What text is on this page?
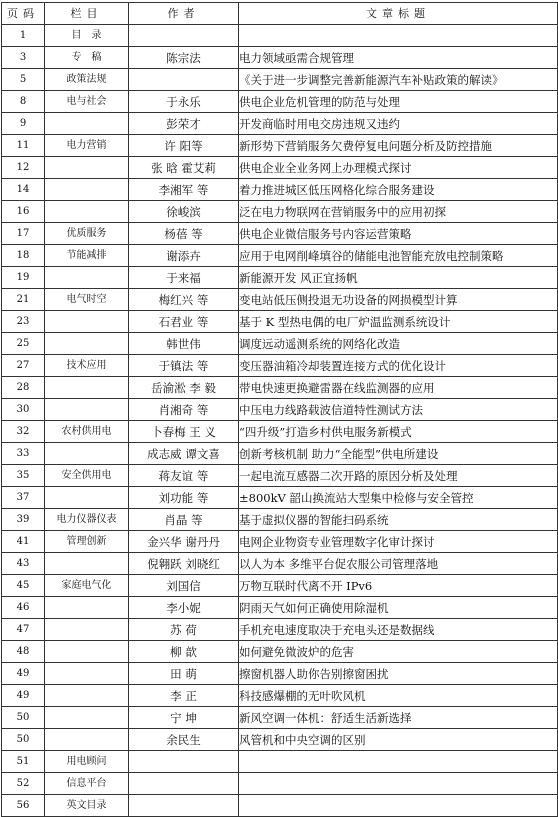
页码	栏目	作者	文章标题
1	目　录		
3	专　稿	陈宗法	电力领域亟需合规管理
5	政策法规		《关于进一步调整完善新能源汽车补贴政策的解读》
8	电与社会	于永乐	供电企业危机管理的防范与处理
9		彭荣才	开发商临时用电交房违规又违约
11	电力营销	许 阳等	新形势下营销服务欠费停复电问题分析及防控措施
12		张 晗 霍艾莉	供电企业全业务网上办理模式探讨
14		李湘军 等	着力推进城区低压网格化综合服务建设
16		徐峻滨	泛在电力物联网在营销服务中的应用初探
17	优质服务	杨蓓 等	供电企业微信服务号内容运营策略
18	节能减排	谢添卉	应用于电网削峰填谷的储能电池智能充放电控制策略
19		于来福	新能源开发 风正宜扬帆
21	电气时空	梅红兴 等	变电站低压侧投退无功设备的网损模型计算
23		石君业 等	基于 K 型热电偶的电厂炉温监测系统设计
25		韩世伟	调度远动遥测系统的网络化改造
27	技术应用	于镇法 等	变压器油箱冷却装置连接方式的优化设计
28		岳渝淞 李 毅	带电快速更换避雷器在线监测器的应用
30		肖湘奇 等	中压电力线路载波信道特性测试方法
32	农村供用电	卜春梅 王 义	“四升级”打造乡村供电服务新模式
33		成志威 谭文喜	创新考核机制 助力“全能型”供电所建设
35	安全供用电	蒋友谊 等	一起电流互感器二次开路的原因分析及处理
37		刘功能 等	±800kV 韶山换流站大型集中检修与安全管控
39	电力仪器仪表	肖晶 等	基于虚拟仪器的智能扫码系统
41	管理创新	金兴华 谢丹丹	电网企业物资专业管理数字化审计探讨
43		倪翱跃 刘晓红	以人为本 多维平台促农服公司管理落地
45	家庭电气化	刘国信	万物互联时代离不开 IPv6
46		李小妮	阴雨天气如何正确使用除湿机
47		苏 荷	手机充电速度取决于充电头还是数据线
48		柳 歆	如何避免微波炉的危害
49		田 萌	擦窗机器人助你告别擦窗困扰
49		李 正	科技感爆棚的无叶吹风机
50		宁 坤	新风空调一体机：舒适生活新选择
50		余民生	风管机和中央空调的区别
51	用电顾问		
52	信息平台		
56	英文目录		
